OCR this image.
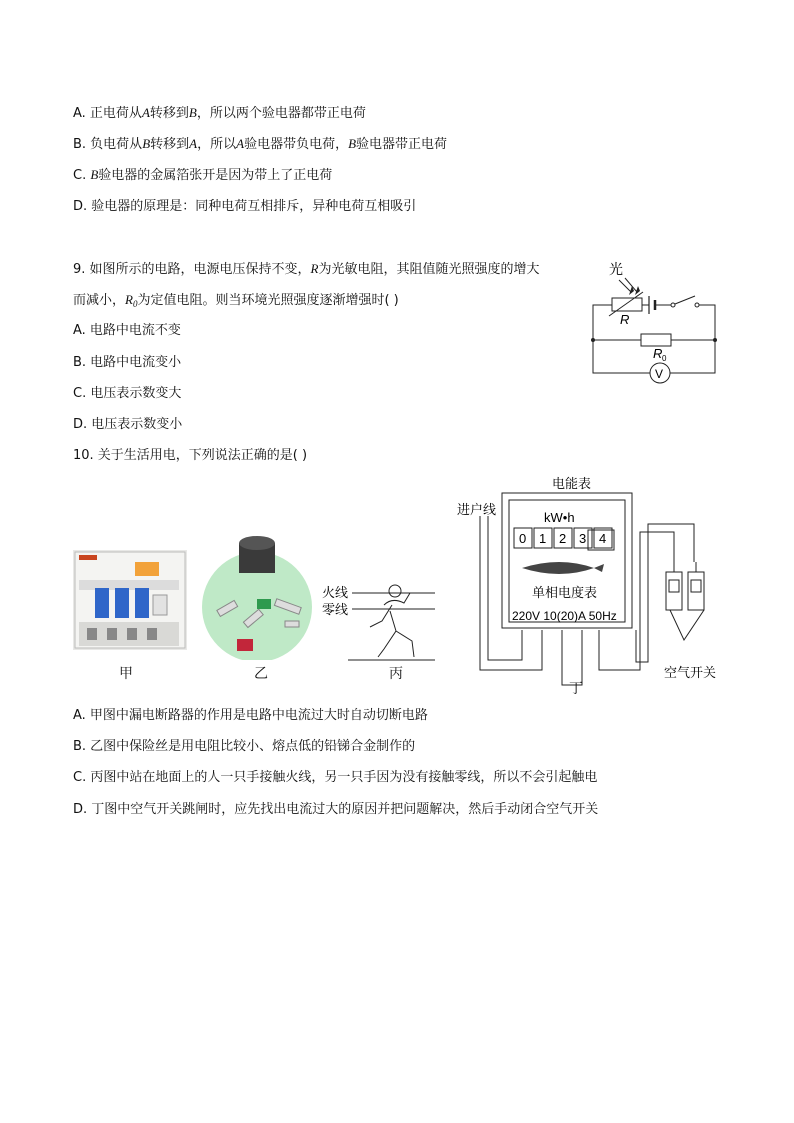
A. 正电荷从A转移到B，所以两个验电器都带正电荷
B. 负电荷从B转移到A，所以A验电器带负电荷，B验电器带正电荷
C. B验电器的金属箔张开是因为带上了正电荷
D. 验电器的原理是：同种电荷互相排斥，异种电荷互相吸引
9. 如图所示的电路，电源电压保持不变，R为光敏电阻，其阻值随光照强度的增大
而减小，$R_0$为定值电阻。则当环境光照强度逐渐增强时( )
A. 电路中电流不变
B. 电路中电流变小
C. 电压表示数变大
D. 电压表示数变小
光
R
R 0
V
10. 关于生活用电，下列说法正确的是( )
甲	乙
火线
零线
丙
电能表
进户线
kW•h
0 1 2 3 4
单相电度表
220V 10(20)A 50Hz
空气开关
丁
A. 甲图中漏电断路器的作用是电路中电流过大时自动切断电路
B. 乙图中保险丝是用电阻比较小、熔点低的铅锑合金制作的
C. 丙图中站在地面上的人一只手接触火线，另一只手因为没有接触零线，所以不会引起触电
D. 丁图中空气开关跳闸时，应先找出电流过大的原因并把问题解决，然后手动闭合空气开关
